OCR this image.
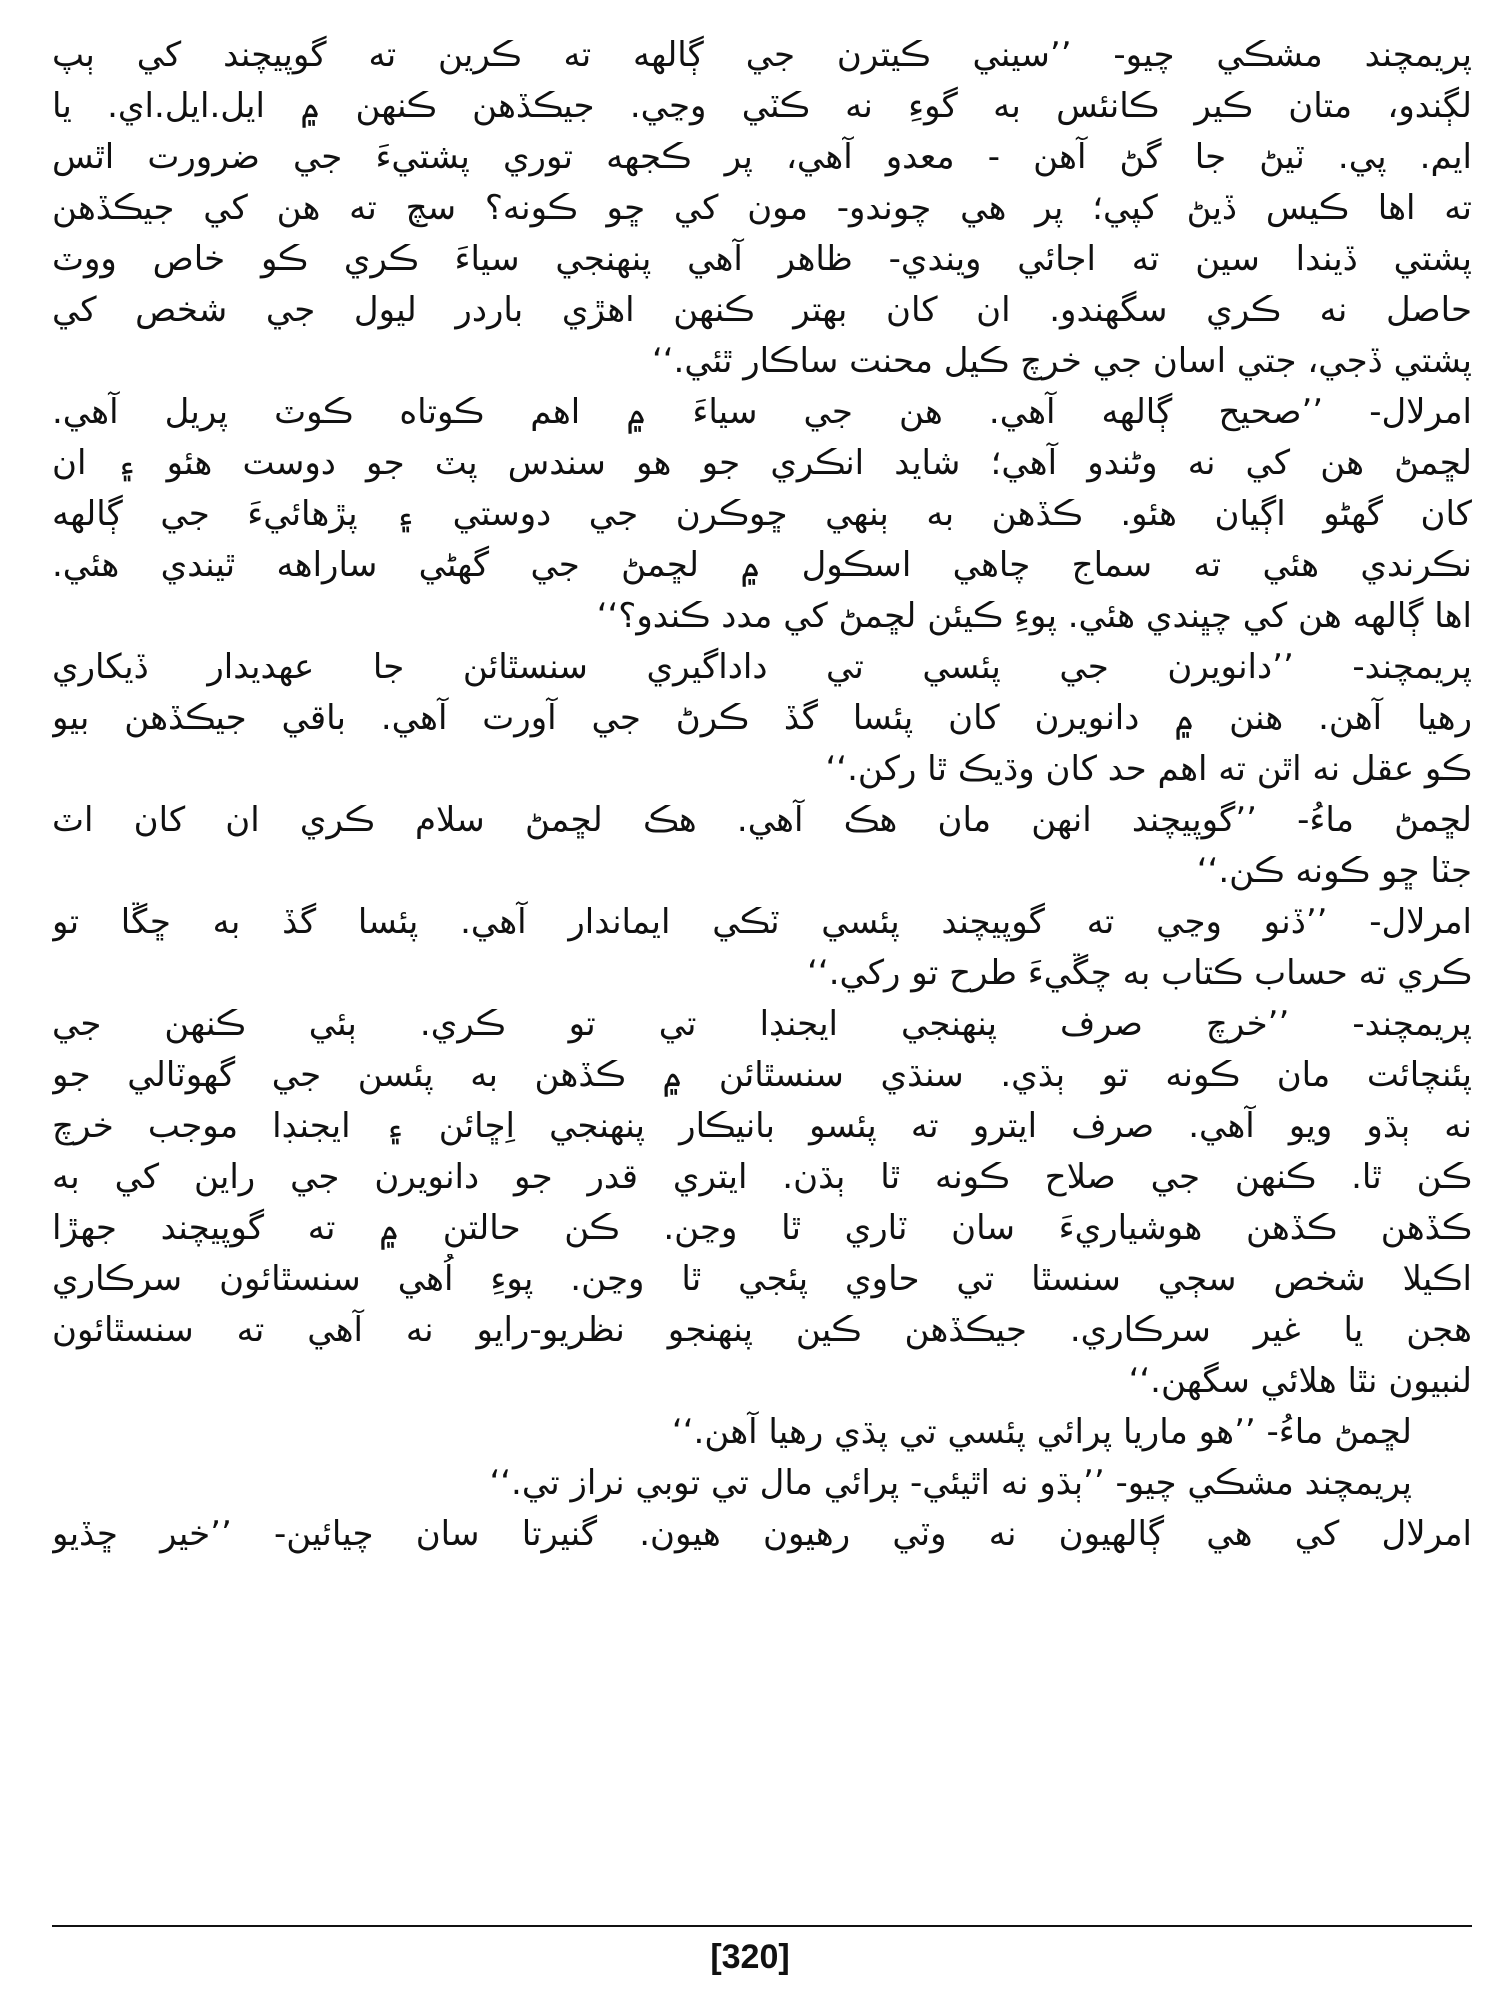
پريمچند مشڪي چيو- ’’سيني ڪيترن جي ڳالهه ته ڪرين ته گوپيچند کي ٻپ
لڳندو، متان ڪير ڪانئس به گوءِ نه ڪٽي وڃي. جيڪڏهن ڪنهن ۾ ايل.ايل.اي. يا
ايم. پي. ٽيڻ جا گڻ آهن - معدو آهي، پر ڪجهه توري پشتيءَ جي ضرورت اٿس
ته اها ڪيس ڏيڻ کپي؛ پر هي چوندو- مون کي ڇو ڪونه؟ سچ ته هن کي جيڪڏهن
پشتي ڏيندا سين ته اجائي ويندي- ظاهر آهي پنهنجي سياءَ ڪري ڪو خاص ووٽ
حاصل نه ڪري سگهندو. ان کان بهتر ڪنهن اهڙي باردر ليول جي شخص کي
پشتي ڏجي، جتي اسان جي خرچ ڪيل محنت ساڪار ٿئي.‘‘
امرلال- ’’صحيح ڳالهه آهي. هن جي سياءَ ۾ اهم ڪوتاه ڪوٽ پريل آهي.
لڇمڻ هن کي نه وڻندو آهي؛ شايد انڪري جو هو سندس پٽ جو دوست هئو ۽ ان
کان گهڻو اڳيان هئو. ڪڏهن به ٻنهي ڇوڪرن جي دوستي ۽ پڙهائيءَ جي ڳالهه
نڪرندي هئي ته سماج چاهي اسڪول ۾ لڇمڻ جي گهڻي ساراهه ٿيندي هئي.
اها ڳالهه هن کي چڀندي هئي. پوءِ ڪيئن لڇمڻ کي مدد ڪندو؟‘‘
پريمچند- ’’دانويرن جي پئسي تي داداگيري سنسٿائن جا عهديدار ڏيکاري
رهيا آهن. هنن ۾ دانويرن کان پئسا گڏ ڪرڻ جي آورت آهي. باقي جيڪڏهن بيو
ڪو عقل نه اٿن ته اهم حد کان وڌيڪ ٿا رکن.‘‘
لڇمڻ ماءُ- ’’گوپيچند انهن مان هڪ آهي. هڪ لڇمڻ سلام ڪري ان کان اٽ
جٽا ڇو ڪونه ڪن.‘‘
امرلال- ’’ڏنو وڃي ته گوپيچند پئسي ٽڪي ايماندار آهي. پئسا گڏ به ڇڱا تو
ڪري ته حساب ڪتاب به چڱيءَ طرح تو رکي.‘‘
پريمچند- ’’خرچ صرف پنهنجي ايجنڊا تي تو ڪري. ٻئي ڪنهن جي
پئنچائت مان ڪونه تو ٻڌي. سنڌي سنسٿائن ۾ ڪڏهن به پئسن جي گهوٽالي جو
نه ٻڌو ويو آهي. صرف ايترو ته پئسو بانيڪار پنهنجي اِڇائن ۽ ايجنڊا موجب خرچ
ڪن ٿا. ڪنهن جي صلاح ڪونه ٿا ٻڌن. ايتري قدر جو دانويرن جي راين کي به
ڪڏهن ڪڏهن هوشياريءَ سان ٽاري ٿا وڃن. ڪن حالتن ۾ ته گوپيچند جهڙا
اڪيلا شخص سڄي سنسٿا تي حاوي پئجي ٿا وڃن. پوءِ اُهي سنسٿائون سرڪاري
هجن يا غير سرڪاري. جيڪڏهن ڪين پنهنجو نظريو-رايو نه آهي ته سنسٿائون
لنبيون نٿا هلائي سگهن.‘‘
لڇمڻ ماءُ- ’’هو ماريا پرائي پئسي تي پڌي رهيا آهن.‘‘
پريمچند مشڪي چيو- ’’ٻڌو نه اٿيئي- پرائي مال تي توبي نراز تي.‘‘
امرلال کي هي ڳالهيون نه وٽي رهيون هيون. گنيرتا سان چيائين- ’’خير ڇڏيو
[320]
